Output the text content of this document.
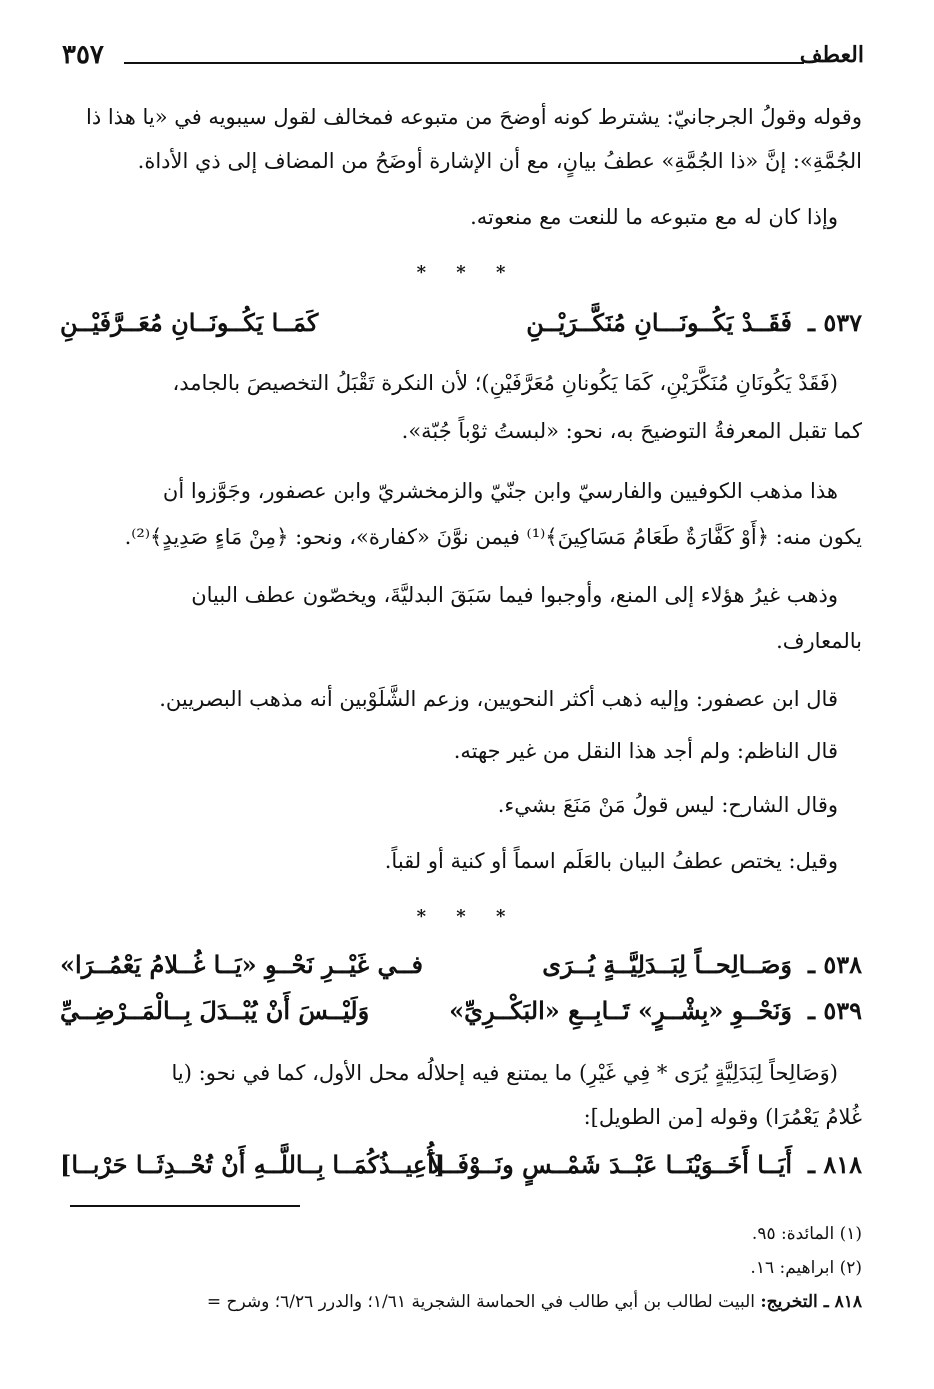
العطف
٣٥٧
وقوله وقولُ الجرجانيّ: يشترط كونه أوضحَ من متبوعه فمخالف لقول سيبويه في «يا هذا ذا
الجُمَّةِ»: إنَّ «ذا الجُمَّةِ» عطفُ بيانٍ، مع أن الإشارة أوضَحُ من المضاف إلى ذي الأداة.
وإذا كان له مع متبوعه ما للنعت مع منعوته.
* * *
٥٣٧ ـ
فَقَــدْ يَكُــونَـــانِ مُنَكَّــرَيْــنِ
كَمَــا يَكُــونَــانِ مُعَــرَّفَيْــنِ
(فَقَدْ يَكُونَانِ مُنَكَّرَيْنِ، كَمَا يَكُونانِ مُعَرَّفَيْنِ)؛ لأن النكرة تَقْبَلُ التخصيصَ بالجامد،
كما تقبل المعرفةُ التوضيحَ به، نحو: «لبستُ ثوْباً جُبّة».
هذا مذهب الكوفيين والفارسيّ وابن جنّيّ والزمخشريّ وابن عصفور، وجَوَّزوا أن
يكون منه: ﴿أَوْ كَفَّارَةٌ طَعَامُ مَسَاكِينَ﴾⁽¹⁾ فيمن نوَّنَ «كفارة»، ونحو: ﴿مِنْ مَاءٍ صَدِيدٍ﴾⁽²⁾.
وذهب غيرُ هؤلاء إلى المنع، وأوجبوا فيما سَبَقَ البدليَّةَ، ويخصّون عطف البيان
بالمعارف.
قال ابن عصفور: وإليه ذهب أكثر النحويين، وزعم الشَّلَوْبين أنه مذهب البصريين.
قال الناظم: ولم أجد هذا النقل من غير جهته.
وقال الشارح: ليس قولُ مَنْ مَنَعَ بشيء.
وقيل: يختص عطفُ البيان بالعَلَم اسماً أو كنية أو لقباً.
* * *
٥٣٨ ـ
وَصَــالِحــاً لِبَــدَلِيَّــةٍ يُــرَى
فــي غَيْــرِ نَحْــوِ «يَــا غُــلامُ يَعْمُــرَا»
٥٣٩ ـ
وَنَحْــوِ «بِشْــرٍ» تَــابِــعِ «البَكْــرِيِّ»
وَلَيْــسَ أَنْ يُبْــدَلَ بِــالْمَــرْضِــيِّ
(وَصَالِحاً لِبَدَلِيَّةٍ يُرَى * فِي غَيْرِ) ما يمتنع فيه إحلالُه محل الأول، كما في نحو: (يا
غُلامُ يَعْمُرَا) وقوله [من الطويل]:
٨١٨ ـ
أَيَــا أَخَــوَيْنَــا عَبْــدَ شَمْــسٍ ونَــوْفَــلاَ
[أُعِيــذُكُمَــا بِــاللَّــهِ أَنْ تُحْــدِثَــا حَرْبــا]
(١) المائدة: ٩٥.
(٢) ابراهيم: ١٦.
٨١٨ ـ التخريج: البيت لطالب بن أبي طالب في الحماسة الشجرية ١/٦١؛ والدرر ٦/٢٦؛ وشرح =
